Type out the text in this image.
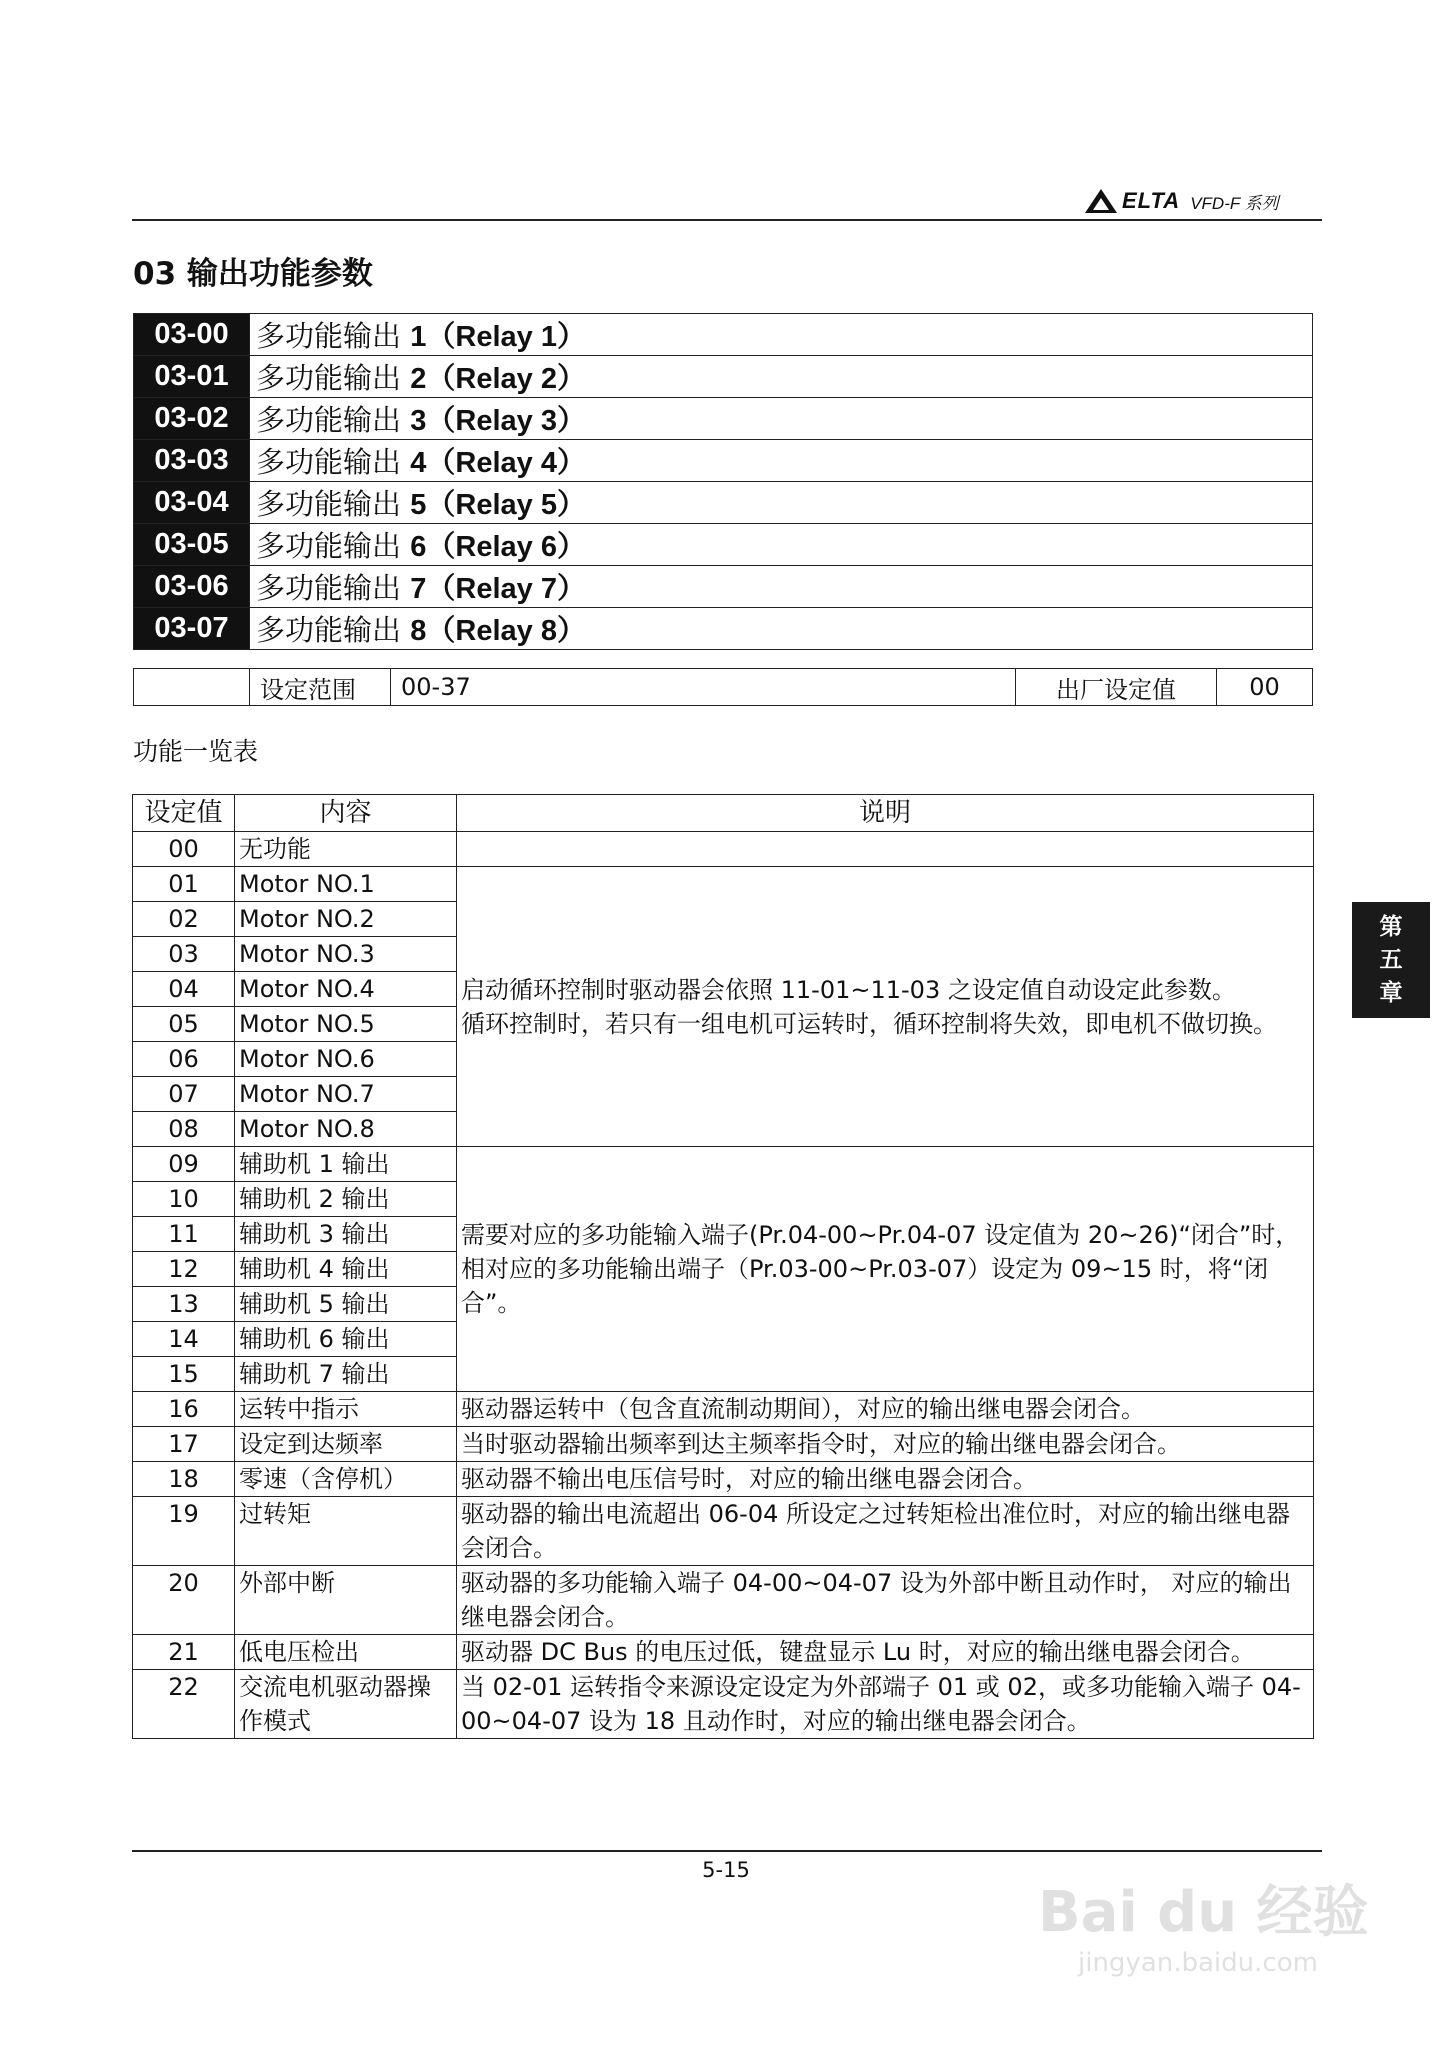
ELTA VFD-F 系列
03 输出功能参数
03-00	多功能输出 1（Relay 1）
03-01	多功能输出 2（Relay 2）
03-02	多功能输出 3（Relay 3）
03-03	多功能输出 4（Relay 4）
03-04	多功能输出 5（Relay 5）
03-05	多功能输出 6（Relay 6）
03-06	多功能输出 7（Relay 7）
03-07	多功能输出 8（Relay 8）
	设定范围	00-37	出厂设定值	00
功能一览表
设定值	内容	说明
00	无功能	
01	Motor NO.1	启动循环控制时驱动器会依照 11-01~11-03 之设定值自动设定此参数。
循环控制时，若只有一组电机可运转时，循环控制将失效，即电机不做切换。
02	Motor NO.2	
03	Motor NO.3	
04	Motor NO.4	
05	Motor NO.5	
06	Motor NO.6	
07	Motor NO.7	
08	Motor NO.8	
09	辅助机 1 输出	需要对应的多功能输入端子(Pr.04-00~Pr.04-07 设定值为 20~26)“闭合”时，相对应的多功能输出端子（Pr.03-00~Pr.03-07）设定为 09~15 时，将“闭合”。
10	辅助机 2 输出	
11	辅助机 3 输出	
12	辅助机 4 输出	
13	辅助机 5 输出	
14	辅助机 6 输出	
15	辅助机 7 输出	
16	运转中指示	驱动器运转中（包含直流制动期间），对应的输出继电器会闭合。
17	设定到达频率	当时驱动器输出频率到达主频率指令时，对应的输出继电器会闭合。
18	零速（含停机）	驱动器不输出电压信号时，对应的输出继电器会闭合。
19	过转矩	驱动器的输出电流超出 06-04 所设定之过转矩检出准位时，对应的输出继电器会闭合。
20	外部中断	驱动器的多功能输入端子 04-00~04-07 设为外部中断且动作时， 对应的输出继电器会闭合。
21	低电压检出	驱动器 DC Bus 的电压过低，键盘显示 Lu 时，对应的输出继电器会闭合。
22	交流电机驱动器操作模式	当 02-01 运转指令来源设定设定为外部端子 01 或 02，或多功能输入端子 04-00~04-07 设为 18 且动作时，对应的输出继电器会闭合。
第
五
章
5-15
Bai du 经验
jingyan.baidu.com
